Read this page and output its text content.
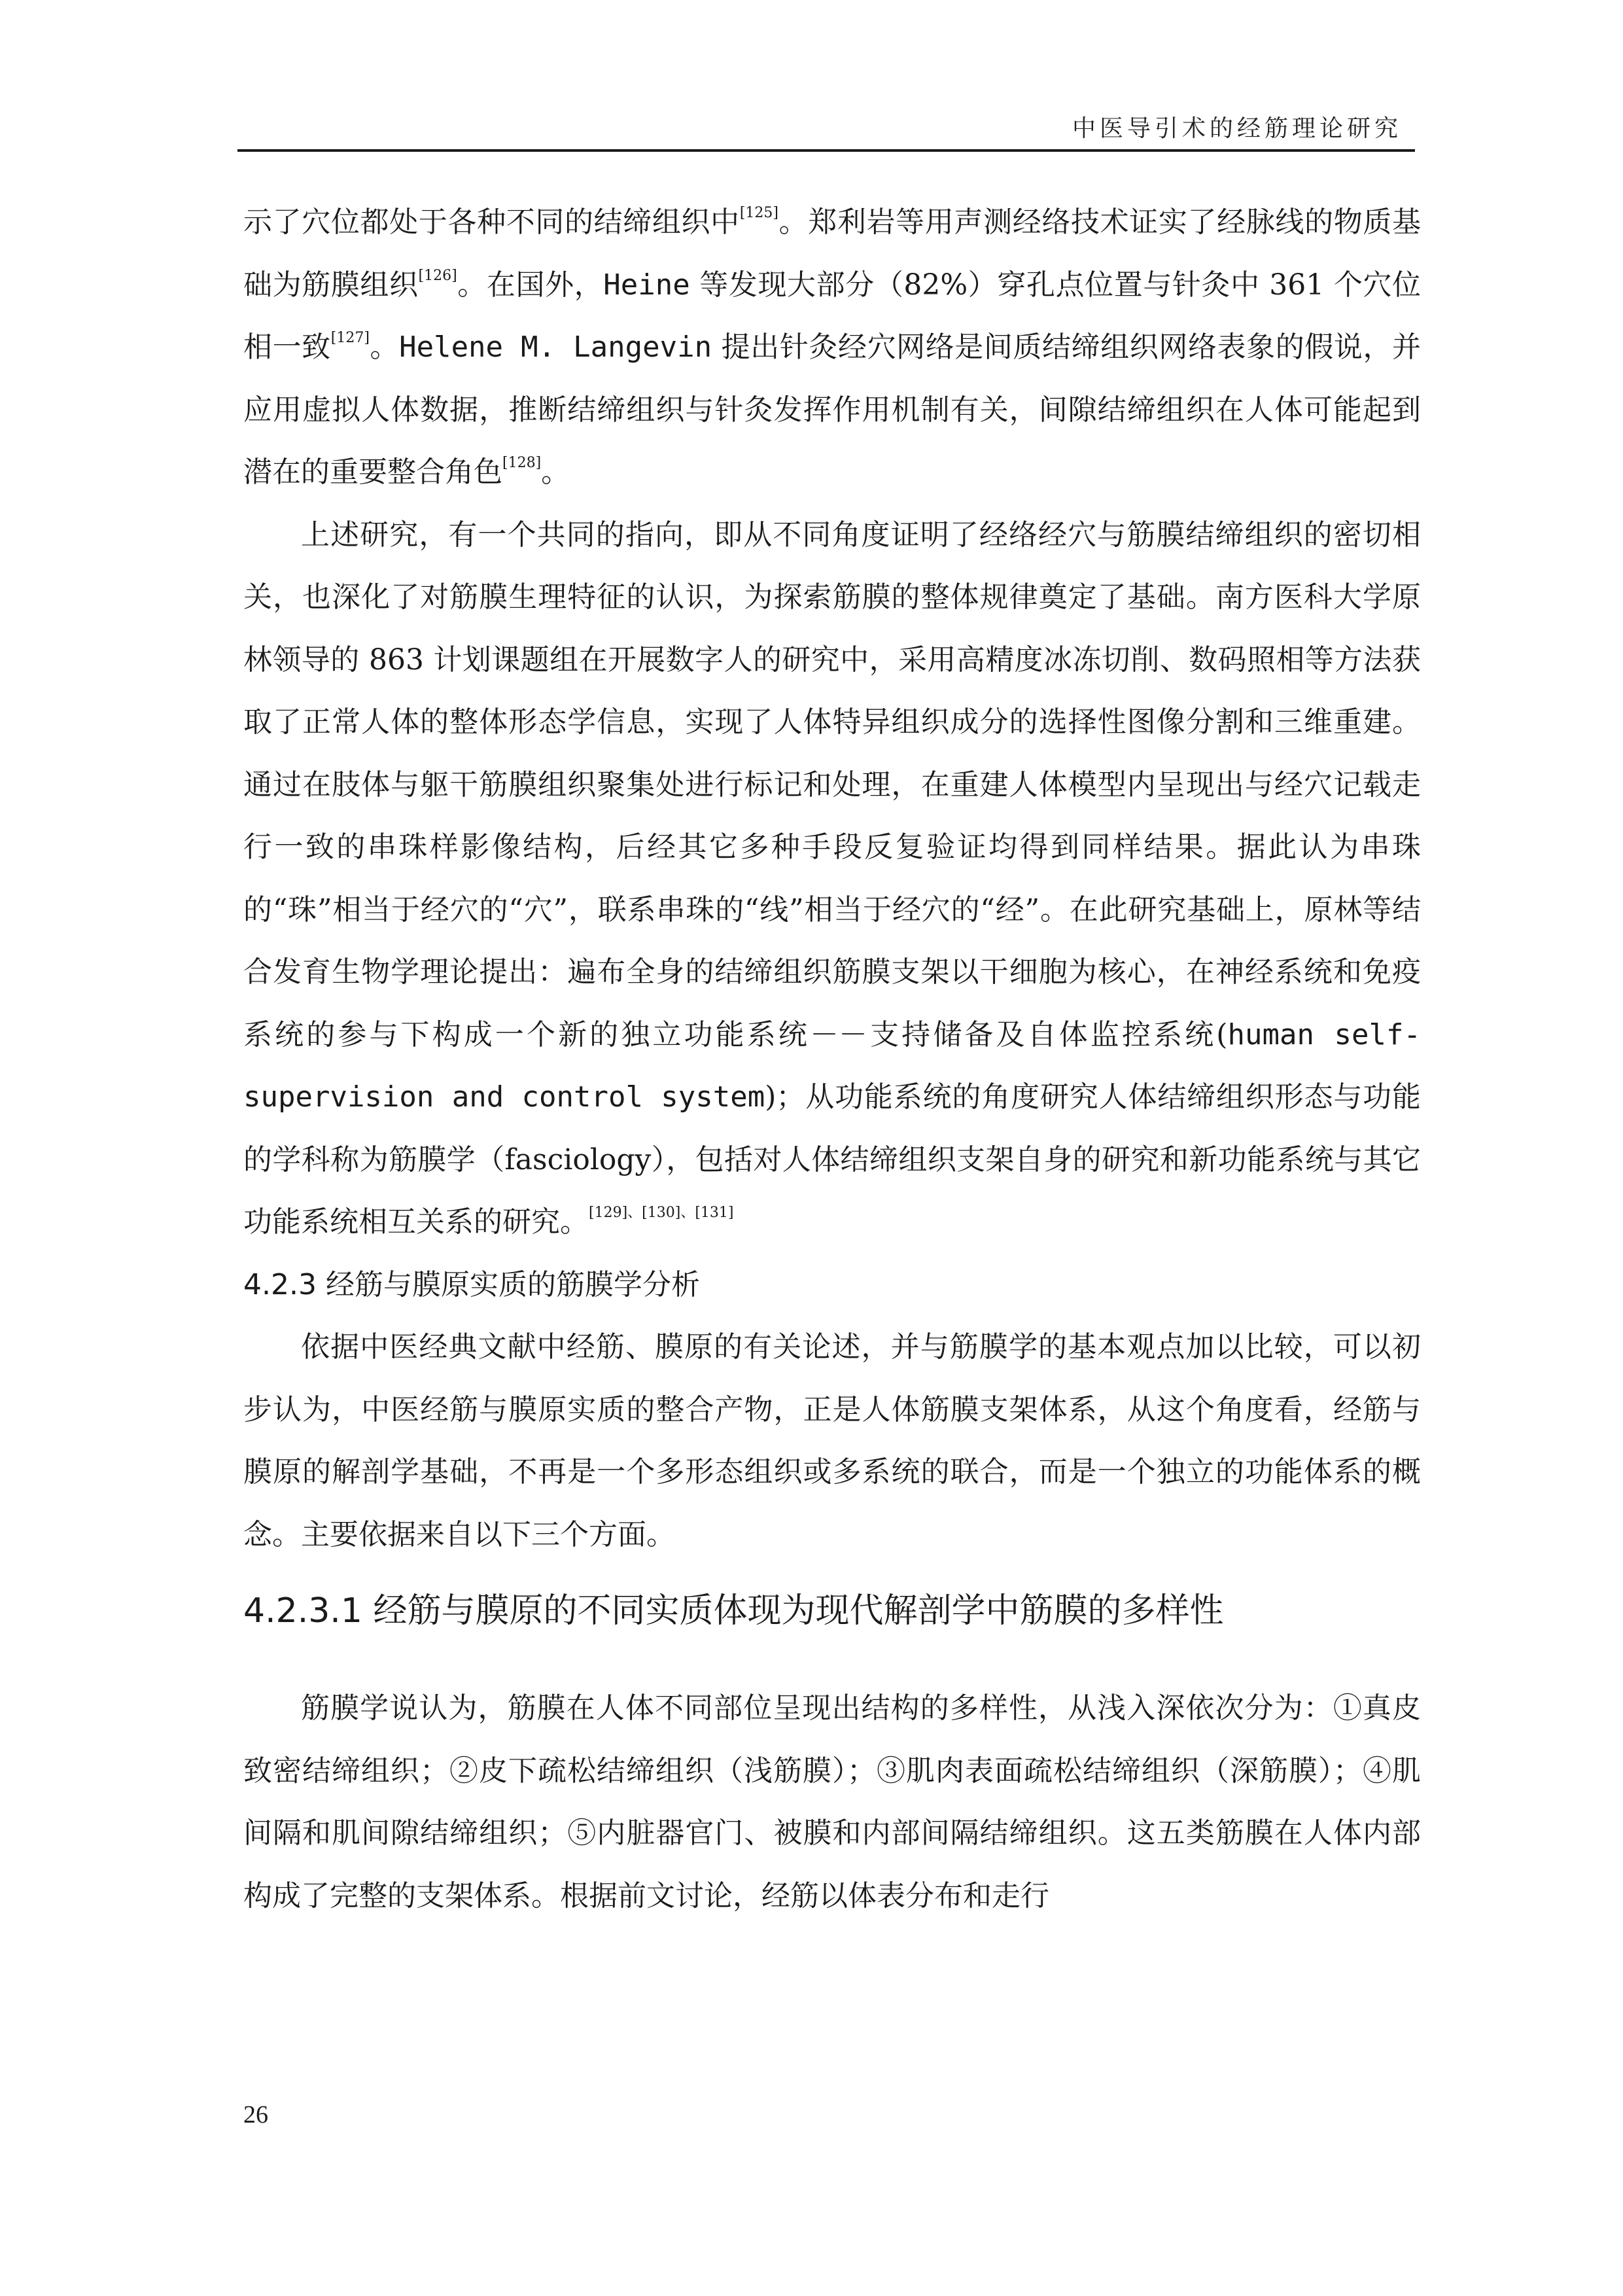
中医导引术的经筋理论研究

示了穴位都处于各种不同的结缔组织中[125]。郑利岩等用声测经络技术证实了经脉线的物质基础为筋膜组织[126]。在国外，Heine 等发现大部分（82%）穿孔点位置与针灸中 361 个穴位相一致[127]。Helene M. Langevin 提出针灸经穴网络是间质结缔组织网络表象的假说，并应用虚拟人体数据，推断结缔组织与针灸发挥作用机制有关，间隙结缔组织在人体可能起到潜在的重要整合角色[128]。

上述研究，有一个共同的指向，即从不同角度证明了经络经穴与筋膜结缔组织的密切相关，也深化了对筋膜生理特征的认识，为探索筋膜的整体规律奠定了基础。南方医科大学原林领导的 863 计划课题组在开展数字人的研究中，采用高精度冰冻切削、数码照相等方法获取了正常人体的整体形态学信息，实现了人体特异组织成分的选择性图像分割和三维重建。通过在肢体与躯干筋膜组织聚集处进行标记和处理，在重建人体模型内呈现出与经穴记载走行一致的串珠样影像结构，后经其它多种手段反复验证均得到同样结果。据此认为串珠的“珠”相当于经穴的“穴”，联系串珠的“线”相当于经穴的“经”。在此研究基础上，原林等结合发育生物学理论提出：遍布全身的结缔组织筋膜支架以干细胞为核心，在神经系统和免疫系统的参与下构成一个新的独立功能系统－－支持储备及自体监控系统(human self-supervision and control system)；从功能系统的角度研究人体结缔组织形态与功能的学科称为筋膜学（fasciology），包括对人体结缔组织支架自身的研究和新功能系统与其它功能系统相互关系的研究。[129]、[130]、[131]

4.2.3 经筋与膜原实质的筋膜学分析

依据中医经典文献中经筋、膜原的有关论述，并与筋膜学的基本观点加以比较，可以初步认为，中医经筋与膜原实质的整合产物，正是人体筋膜支架体系，从这个角度看，经筋与膜原的解剖学基础，不再是一个多形态组织或多系统的联合，而是一个独立的功能体系的概念。主要依据来自以下三个方面。

4.2.3.1 经筋与膜原的不同实质体现为现代解剖学中筋膜的多样性

筋膜学说认为，筋膜在人体不同部位呈现出结构的多样性，从浅入深依次分为：①真皮致密结缔组织；②皮下疏松结缔组织（浅筋膜）；③肌肉表面疏松结缔组织（深筋膜）；④肌间隔和肌间隙结缔组织；⑤内脏器官门、被膜和内部间隔结缔组织。这五类筋膜在人体内部构成了完整的支架体系。根据前文讨论，经筋以体表分布和走行

26
